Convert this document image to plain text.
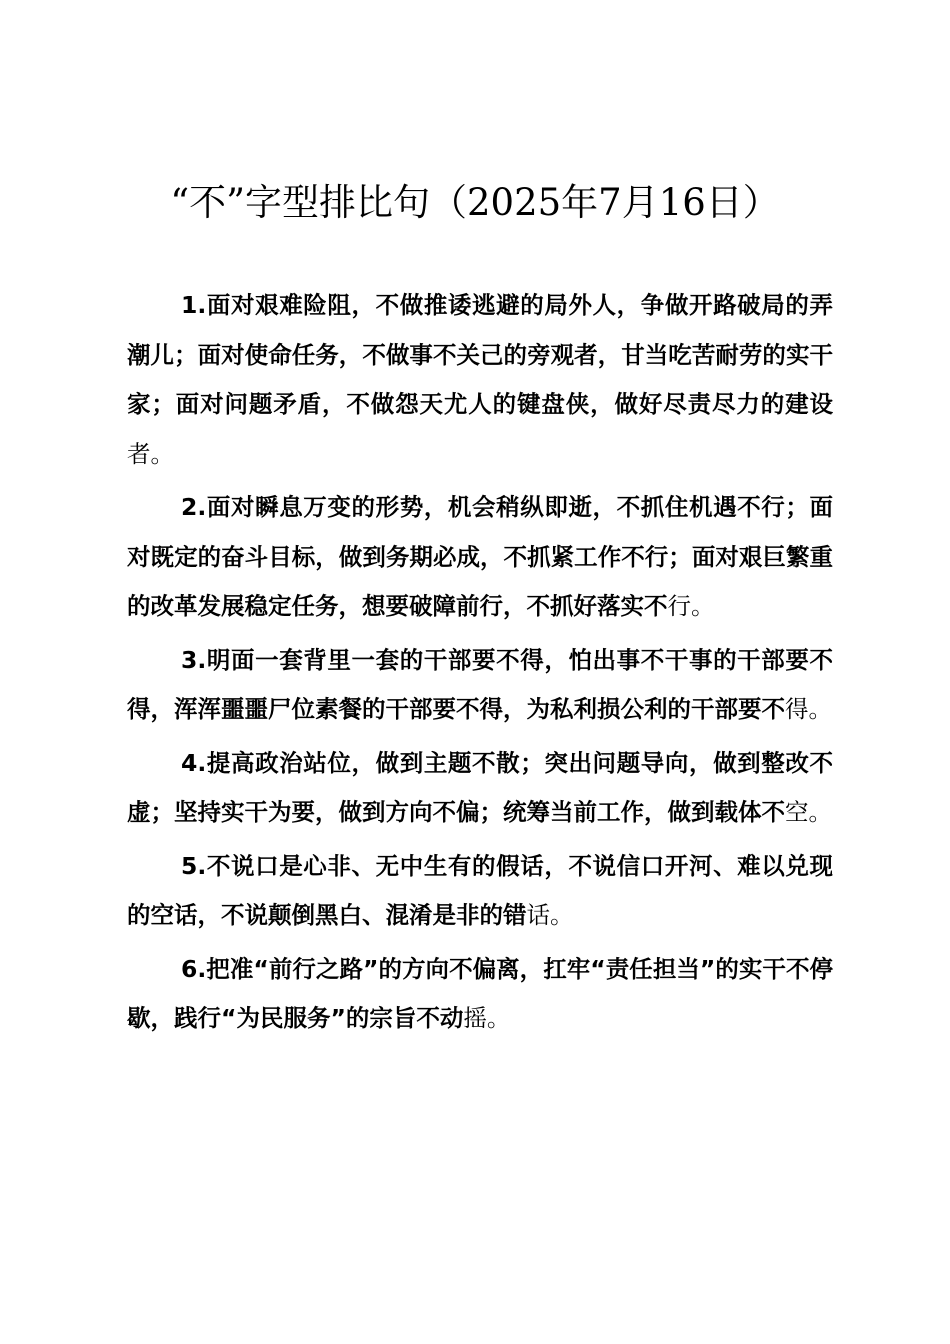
“不”字型排比句（2025年7月16日）

1.面对艰难险阻，不做推诿逃避的局外人，争做开路破局的弄潮儿；面对使命任务，不做事不关己的旁观者，甘当吃苦耐劳的实干家；面对问题矛盾，不做怨天尤人的键盘侠，做好尽责尽力的建设者。

2.面对瞬息万变的形势，机会稍纵即逝，不抓住机遇不行；面对既定的奋斗目标，做到务期必成，不抓紧工作不行；面对艰巨繁重的改革发展稳定任务，想要破障前行，不抓好落实不行。

3.明面一套背里一套的干部要不得，怕出事不干事的干部要不得，浑浑噩噩尸位素餐的干部要不得，为私利损公利的干部要不得。

4.提高政治站位，做到主题不散；突出问题导向，做到整改不虚；坚持实干为要，做到方向不偏；统筹当前工作，做到载体不空。

5.不说口是心非、无中生有的假话，不说信口开河、难以兑现的空话，不说颠倒黑白、混淆是非的错话。

6.把准“前行之路”的方向不偏离，扛牢“责任担当”的实干不停歇，践行“为民服务”的宗旨不动摇。
